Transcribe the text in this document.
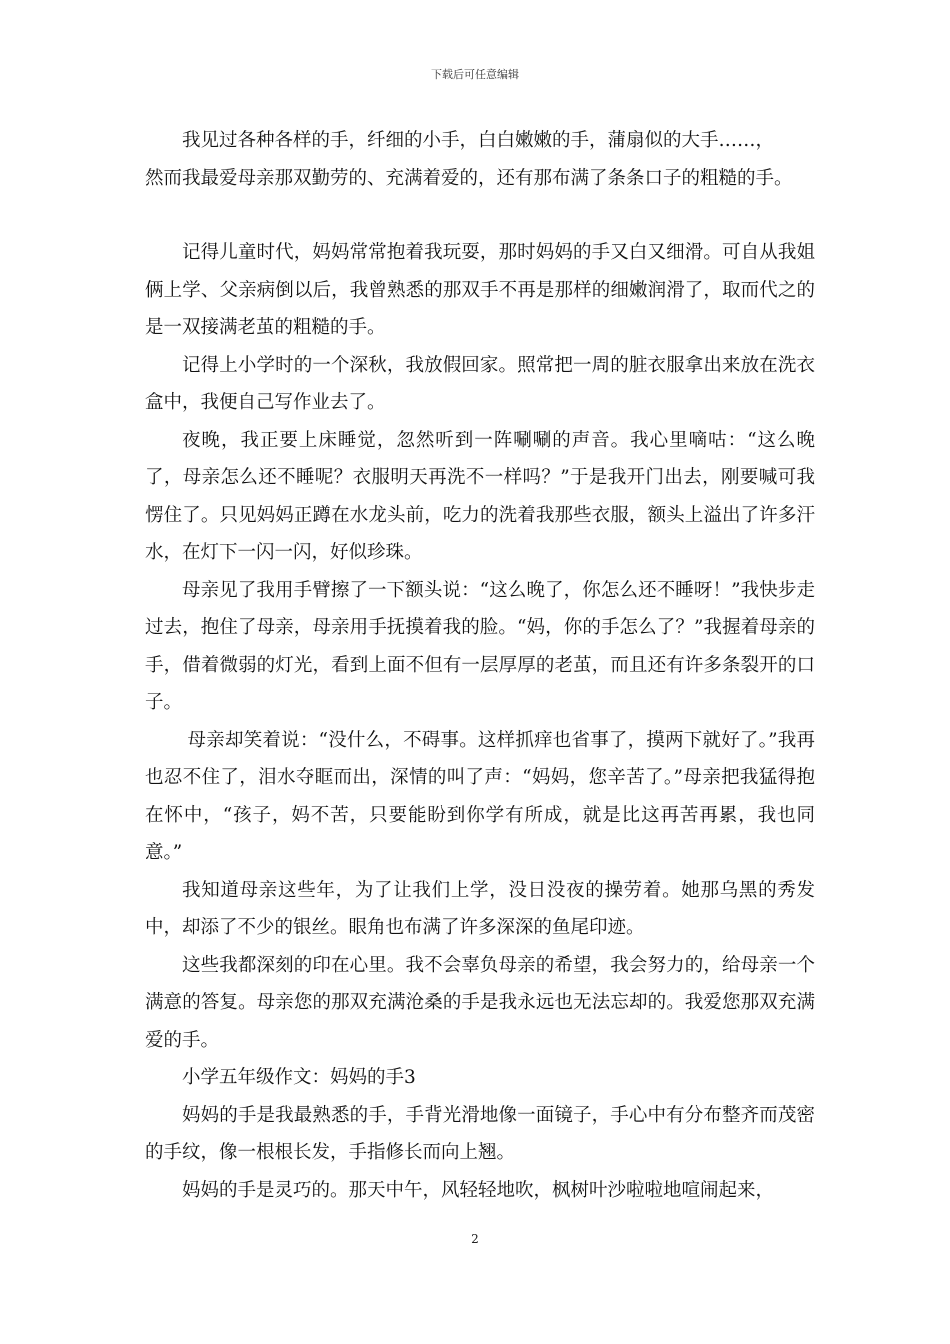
下载后可任意编辑

我见过各种各样的手，纤细的小手，白白嫩嫩的手，蒲扇似的大手……，

然而我最爱母亲那双勤劳的、充满着爱的，还有那布满了条条口子的粗糙的手。

记得儿童时代，妈妈常常抱着我玩耍，那时妈妈的手又白又细滑。可自从我姐俩上学、父亲病倒以后，我曾熟悉的那双手不再是那样的细嫩润滑了，取而代之的是一双接满老茧的粗糙的手。

记得上小学时的一个深秋，我放假回家。照常把一周的脏衣服拿出来放在洗衣盒中，我便自己写作业去了。

夜晚，我正要上床睡觉，忽然听到一阵唰唰的声音。我心里嘀咕：“这么晚了，母亲怎么还不睡呢？衣服明天再洗不一样吗？”于是我开门出去，刚要喊可我愣住了。只见妈妈正蹲在水龙头前，吃力的洗着我那些衣服，额头上溢出了许多汗水，在灯下一闪一闪，好似珍珠。

母亲见了我用手臂擦了一下额头说：“这么晚了，你怎么还不睡呀！”我快步走过去，抱住了母亲，母亲用手抚摸着我的脸。“妈，你的手怎么了？”我握着母亲的手，借着微弱的灯光，看到上面不但有一层厚厚的老茧，而且还有许多条裂开的口子。

母亲却笑着说：“没什么，不碍事。这样抓痒也省事了，摸两下就好了。”我再也忍不住了，泪水夺眶而出，深情的叫了声：“妈妈，您辛苦了。”母亲把我猛得抱在怀中，“孩子，妈不苦，只要能盼到你学有所成，就是比这再苦再累，我也同意。”

我知道母亲这些年，为了让我们上学，没日没夜的操劳着。她那乌黑的秀发中，却添了不少的银丝。眼角也布满了许多深深的鱼尾印迹。

这些我都深刻的印在心里。我不会辜负母亲的希望，我会努力的，给母亲一个满意的答复。母亲您的那双充满沧桑的手是我永远也无法忘却的。我爱您那双充满爱的手。

小学五年级作文：妈妈的手3

妈妈的手是我最熟悉的手，手背光滑地像一面镜子，手心中有分布整齐而茂密的手纹，像一根根长发，手指修长而向上翘。

妈妈的手是灵巧的。那天中午，风轻轻地吹，枫树叶沙啦啦地喧闹起来，

2
